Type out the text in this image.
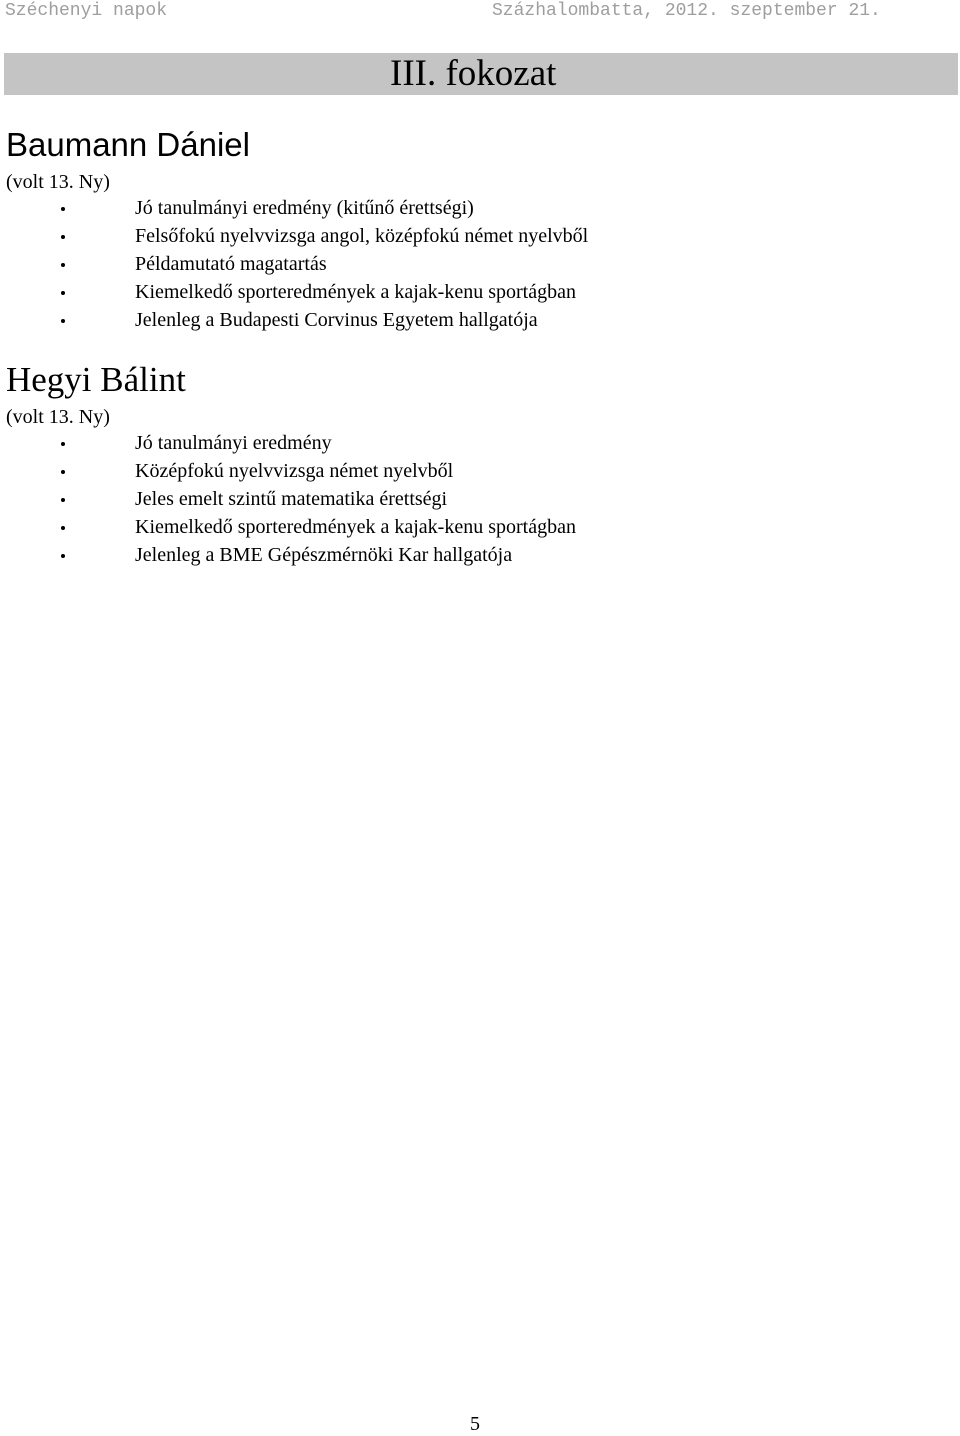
Széchenyi napok	Százhalombatta, 2012. szeptember 21.
III. fokozat
Baumann Dániel
(volt 13. Ny)
Jó tanulmányi eredmény (kitűnő érettségi)
Felsőfokú nyelvvizsga angol, középfokú német nyelvből
Példamutató magatartás
Kiemelkedő sporteredmények a kajak-kenu sportágban
Jelenleg a Budapesti Corvinus Egyetem hallgatója
Hegyi Bálint
(volt 13. Ny)
Jó tanulmányi eredmény
Középfokú nyelvvizsga német nyelvből
Jeles emelt szintű matematika érettségi
Kiemelkedő sporteredmények a kajak-kenu sportágban
Jelenleg a BME Gépészmérnöki Kar hallgatója
5
